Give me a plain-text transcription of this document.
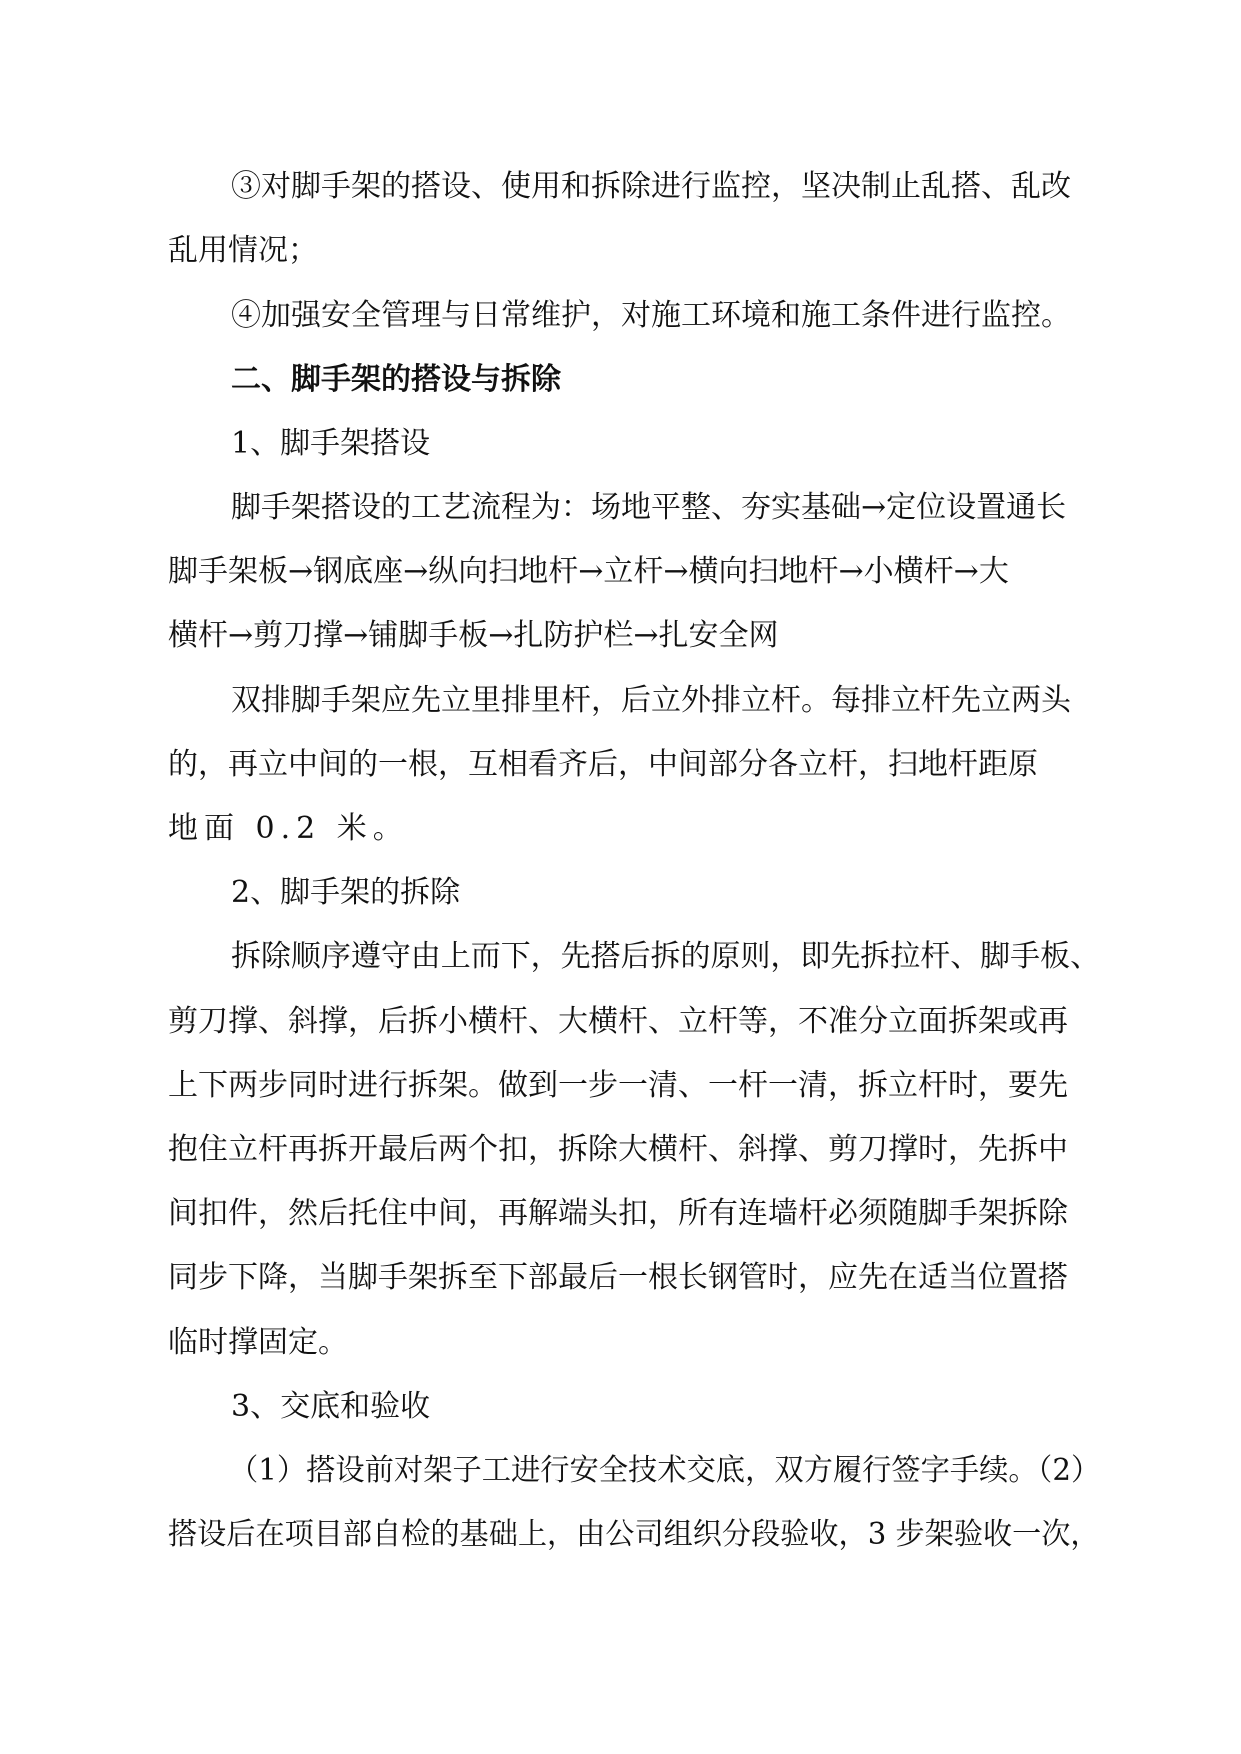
③对脚手架的搭设、使用和拆除进行监控，坚决制止乱搭、乱改
乱用情况；
④加强安全管理与日常维护，对施工环境和施工条件进行监控。
二、脚手架的搭设与拆除
1、脚手架搭设
脚手架搭设的工艺流程为：场地平整、夯实基础→定位设置通长
脚手架板→钢底座→纵向扫地杆→立杆→横向扫地杆→小横杆→大
横杆→剪刀撑→铺脚手板→扎防护栏→扎安全网
双排脚手架应先立里排里杆，后立外排立杆。每排立杆先立两头
的，再立中间的一根，互相看齐后，中间部分各立杆，扫地杆距原
地面 0.2 米。
2、脚手架的拆除
拆除顺序遵守由上而下，先搭后拆的原则，即先拆拉杆、脚手板、
剪刀撑、斜撑，后拆小横杆、大横杆、立杆等，不准分立面拆架或再
上下两步同时进行拆架。做到一步一清、一杆一清，拆立杆时，要先
抱住立杆再拆开最后两个扣，拆除大横杆、斜撑、剪刀撑时，先拆中
间扣件，然后托住中间，再解端头扣，所有连墙杆必须随脚手架拆除
同步下降，当脚手架拆至下部最后一根长钢管时，应先在适当位置搭
临时撑固定。
3、交底和验收
（1）搭设前对架子工进行安全技术交底，双方履行签字手续。（2）
搭设后在项目部自检的基础上，由公司组织分段验收，3 步架验收一次，
